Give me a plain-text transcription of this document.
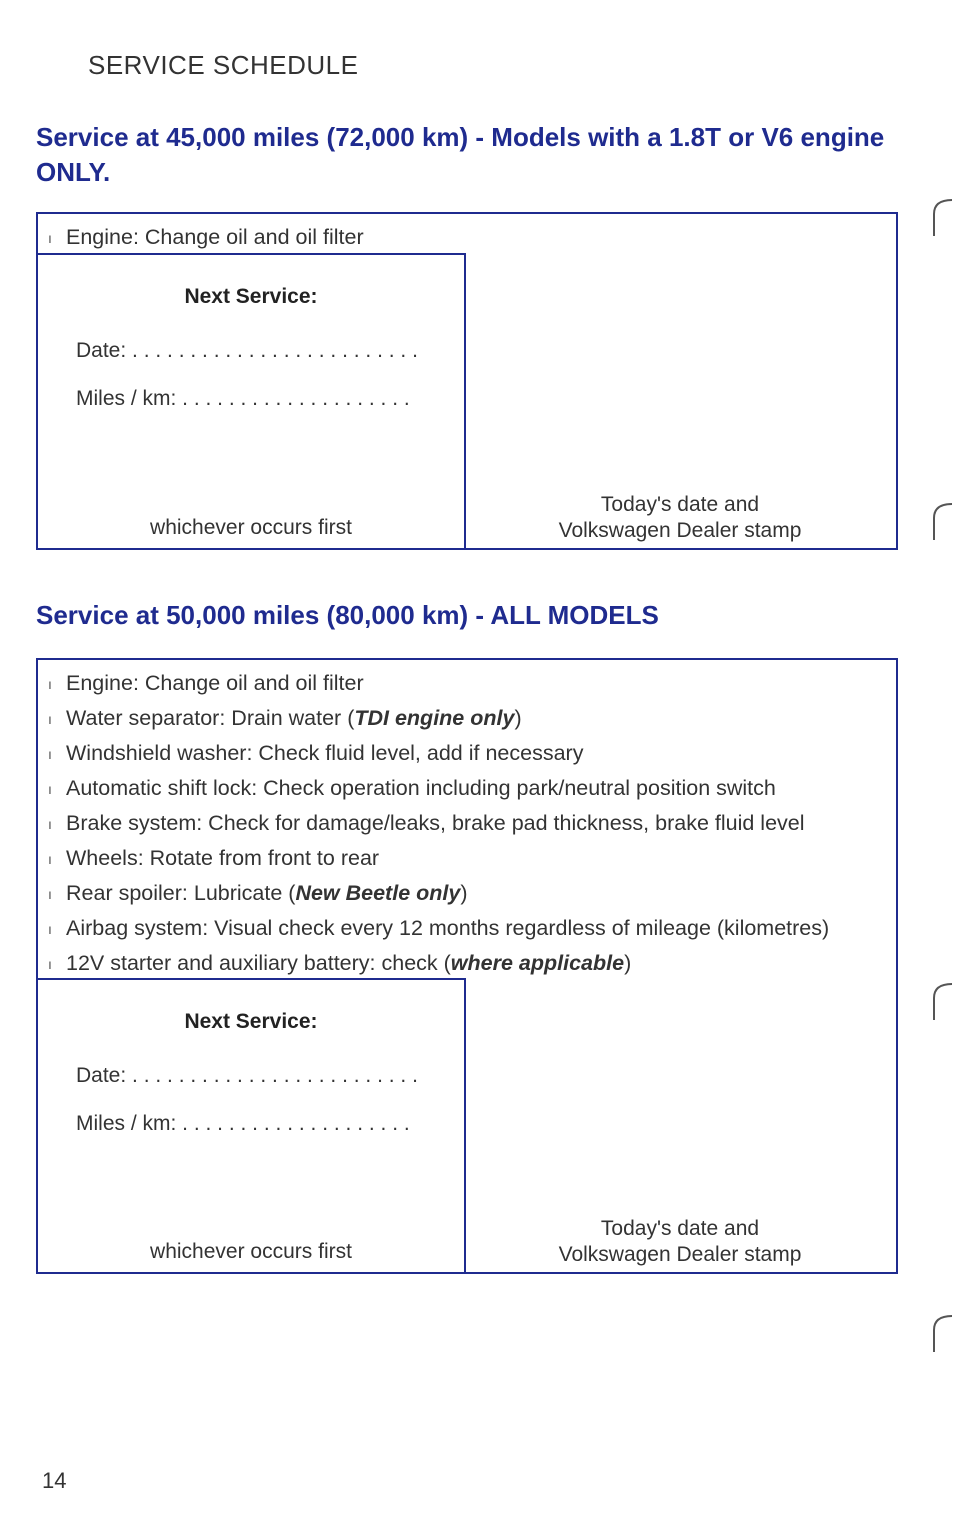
SERVICE SCHEDULE
Service at 45,000 miles (72,000 km) - Models with a 1.8T or V6 engine ONLY.
ı Engine: Change oil and oil filter
Next Service:
Date: . . . . . . . . . . . . . . . . . . . . . . . . .
Miles / km: . . . . . . . . . . . . . . . . . . . .
whichever occurs first
Today's date and
Volkswagen Dealer stamp
Service at 50,000 miles (80,000 km) - ALL MODELS
ı Engine: Change oil and oil filter
ı Water separator: Drain water ( TDI engine only )
ı Windshield washer: Check fluid level, add if necessary
ı Automatic shift lock: Check operation including park/neutral position switch
ı Brake system: Check for damage/leaks, brake pad thickness, brake fluid level
ı Wheels: Rotate from front to rear
ı Rear spoiler: Lubricate ( New Beetle only )
ı Airbag system: Visual check every 12 months regardless of mileage (kilometres)
ı 12V starter and auxiliary battery: check ( where applicable )
Next Service:
Date: . . . . . . . . . . . . . . . . . . . . . . . . .
Miles / km: . . . . . . . . . . . . . . . . . . . .
whichever occurs first
Today's date and
Volkswagen Dealer stamp
14
